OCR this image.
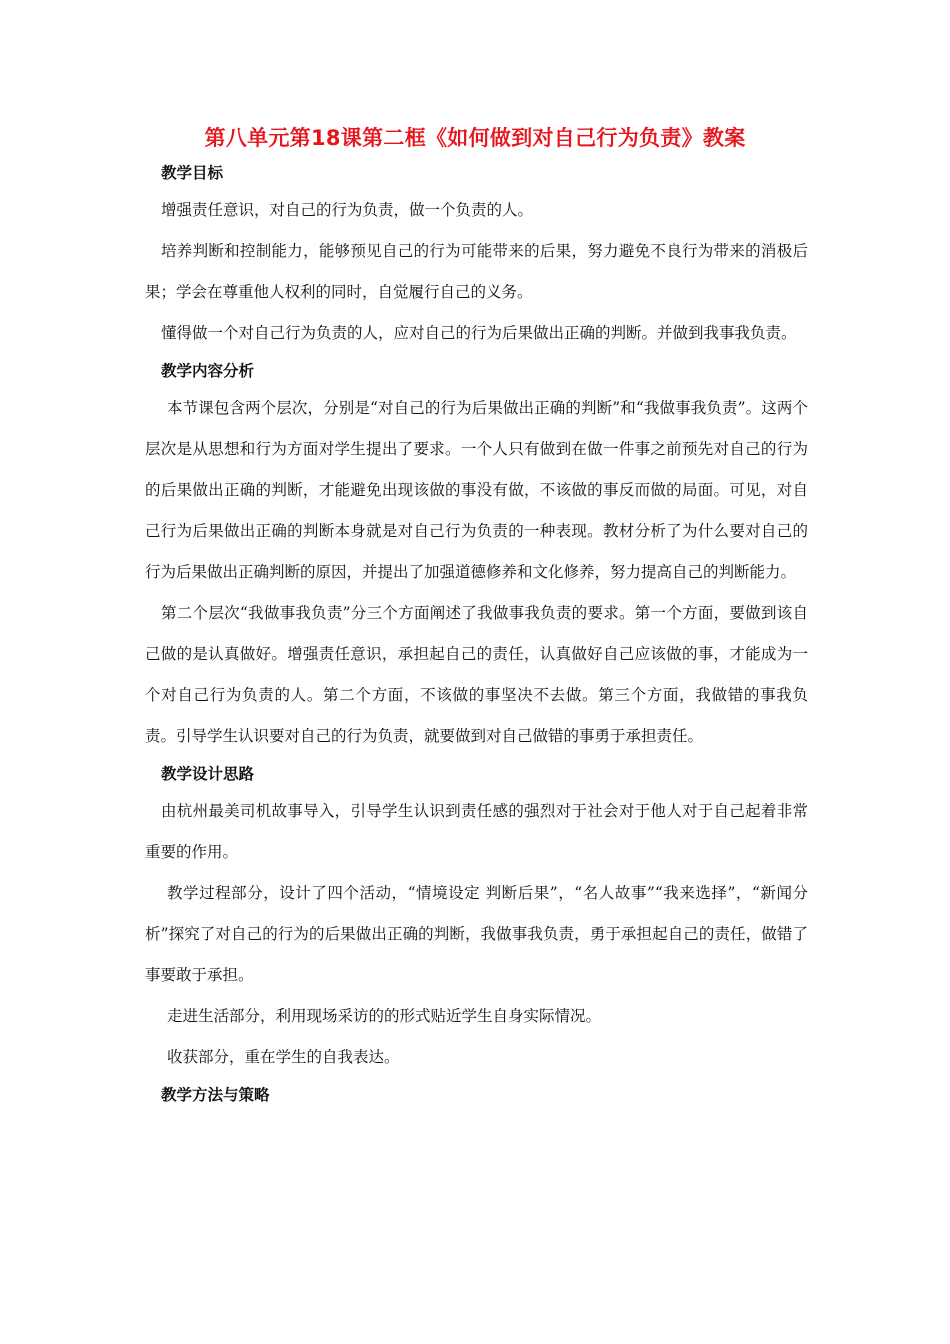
第八单元第18课第二框《如何做到对自己行为负责》教案

教学目标

增强责任意识，对自己的行为负责，做一个负责的人。

培养判断和控制能力，能够预见自己的行为可能带来的后果，努力避免不良行为带来的消极后果；学会在尊重他人权利的同时，自觉履行自己的义务。

懂得做一个对自己行为负责的人，应对自己的行为后果做出正确的判断。并做到我事我负责。

教学内容分析

本节课包含两个层次，分别是“对自己的行为后果做出正确的判断”和“我做事我负责”。这两个层次是从思想和行为方面对学生提出了要求。一个人只有做到在做一件事之前预先对自己的行为的后果做出正确的判断，才能避免出现该做的事没有做，不该做的事反而做的局面。可见，对自己行为后果做出正确的判断本身就是对自己行为负责的一种表现。教材分析了为什么要对自己的行为后果做出正确判断的原因，并提出了加强道德修养和文化修养，努力提高自己的判断能力。

第二个层次“我做事我负责”分三个方面阐述了我做事我负责的要求。第一个方面，要做到该自己做的是认真做好。增强责任意识，承担起自己的责任，认真做好自己应该做的事，才能成为一个对自己行为负责的人。第二个方面，不该做的事坚决不去做。第三个方面，我做错的事我负责。引导学生认识要对自己的行为负责，就要做到对自己做错的事勇于承担责任。

教学设计思路

由杭州最美司机故事导入，引导学生认识到责任感的强烈对于社会对于他人对于自己起着非常重要的作用。

教学过程部分，设计了四个活动，“情境设定 判断后果”，“名人故事”“我来选择”，“新闻分析”探究了对自己的行为的后果做出正确的判断，我做事我负责，勇于承担起自己的责任，做错了事要敢于承担。

走进生活部分，利用现场采访的的形式贴近学生自身实际情况。

收获部分，重在学生的自我表达。

教学方法与策略
